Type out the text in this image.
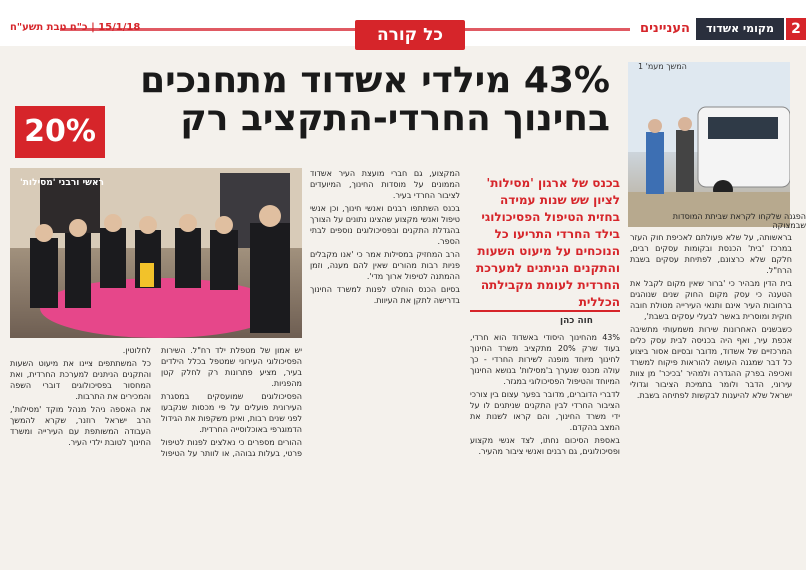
2
מקומי אשדוד
העניינים
15/1/18 | כ"ח טבת תשע"ח	כל קורה
43% מילדי אשדוד מתחנכים בחינוך החרדי-התקציב רק
20%
ראשי ורבני 'מסילות'
המשך מעמ' 1
הפגנה שלקחו לקראת שביתת המוסדות שבמצוקה
בכנס של ארגון 'מסילות' לציון שש שנות עמידה בחזית הטיפול הפסיכולוגי בילד החרדי התריעו כל הנוכחים על מיעוט השעות והתקנים הניתנים למערכת החרדית לעומת מקבילתה הכללית
חוה כהן

בראשותה, על שלא פעולתם לאכיפת חוק העזר במרכז 'בית' הכנסת ובקומות עסקים רבים, חלקם שלא כרצונם, לפתיחת עסקים בשבת הרח"ל.

בית הדין מבהיר כי 'ברור שאין מקום לקבל את הטענה כי עסק מקום החוק שנים שנוהגים ברחובות העיר אינם ותנאי העירייה מטולת חובה חוקית ומוסרית באשר לבעלי עסקים בשבת',

כשבשנים האחרונות שירות משמעותי מתשיבה אכפת עיר, ואף היה בכניסה לבית עסק כלים המרכזיים של אשדוד, מדובר ובסיום אסור ביצוע כל דבר שמגנה העושה להוראות פיקוח למשרד ואכיפה בפרק ההגדרה ולמהיר 'בכיכר' מן צוות עירוני, הדבר ולומר בתמיכת הציבור וגדולי ישראל שלא להיענות לבקשות לפתיחה בשבת.

43% מהחינוך היסודי באשדוד הוא חרדי, בעוד שרק 20% מתקציב משרד החינוך לחינוך מיוחד מופנה לשירות החרדי - כך עולה מכנס שנערך ב'מסילות' בנושא החינוך המיוחד והטיפול הפסיכולוגי במגזר.

לדברי הדוברים, מדובר בפער עצום בין צורכי הציבור החרדי לבין התקנים שניתנים לו על ידי משרד החינוך, והם קראו לשנות את המצב בהקדם.

באספת הסיכום נחתו, לצד אנשי מקצוע ופסיכולוגים, גם רבנים ואנשי ציבור מהעיר.

המקצוע, גם חברי מועצת העיר אשדוד הממונים על מוסדות החינוך, המיועדים לציבור החרדי בעיר.

בכנס השתתפו רבנים ואנשי חינוך, וכן אנשי טיפול ואנשי מקצוע שהציגו נתונים על הצורך בהגדלת התקנים ובפסיכולוגים נוספים לבתי הספר.

הרב המחזיק במסילות אמר כי 'אנו מקבלים פניות רבות מהורים שאין להם מענה, וזמן ההמתנה לטיפול ארוך מדי'.

בסיום הכנס הוחלט לפנות למשרד החינוך בדרישה לתקן את העיוות.

יש אמון של מטפלת ילד רח"ל. השירות הפסיכולוגי העירוני שמטפל בכלל הילדים בעיר, מציע פתרונות רק לחלק קטן מהפניות.

הפסיכולוגים שמועסקים במסגרת העירונית פועלים על פי מכסות שנקבעו לפני שנים רבות, ואינן משקפות את הגידול הדמוגרפי באוכלוסייה החרדית.

ההורים מספרים כי נאלצים לפנות לטיפול פרטי, בעלות גבוהה, או לוותר על הטיפול לחלוטין.

כל המשתתפים ציינו את מיעוט השעות והתקנים הניתנים למערכת החרדית, ואת המחסור בפסיכולוגים דוברי השפה והמכירים את התרבות.

את האספה ניהל מנהל מוקד 'מסילות', הרב ישראל רוזנר, שקרא להמשך העבודה המשותפת עם העירייה ומשרד החינוך לטובת ילדי העיר.
